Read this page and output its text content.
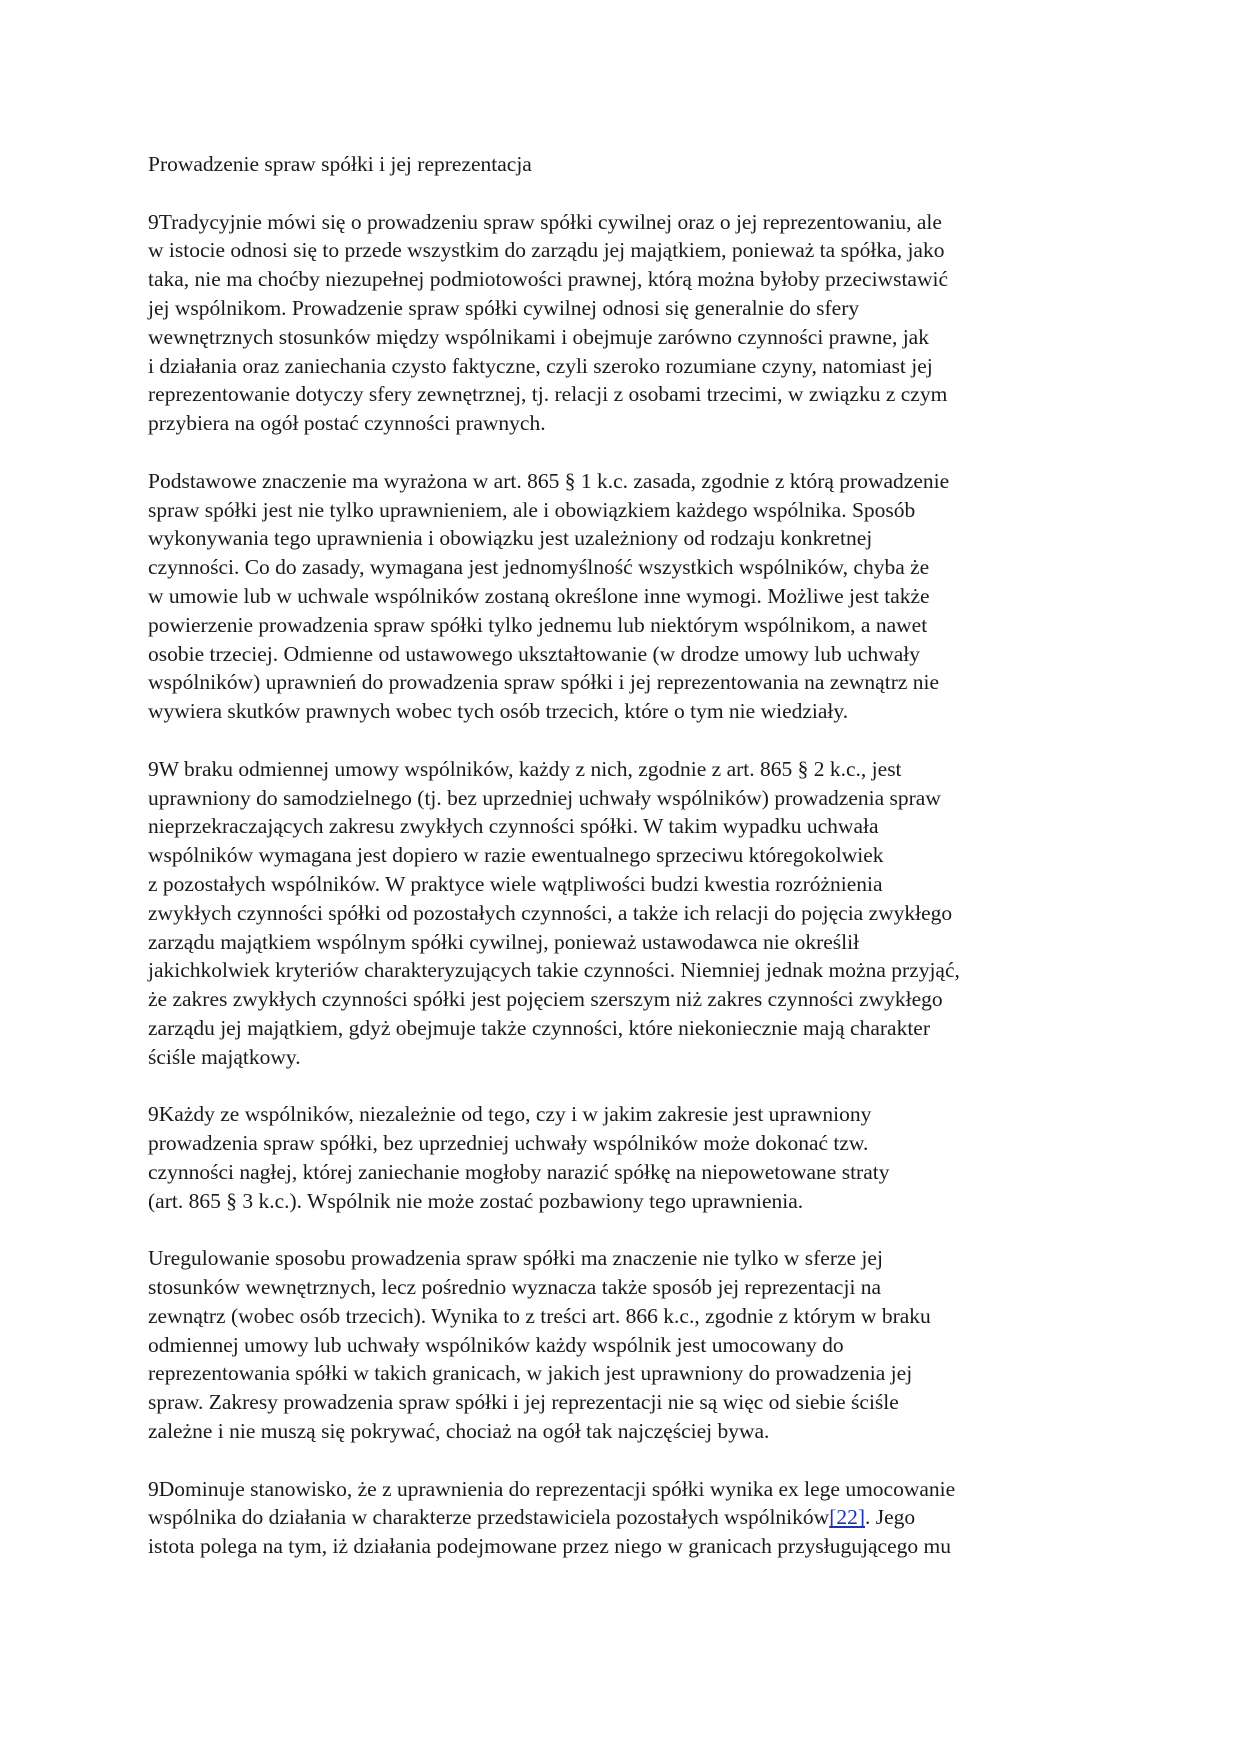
Prowadzenie spraw spółki i jej reprezentacja
9Tradycyjnie mówi się o prowadzeniu spraw spółki cywilnej oraz o jej reprezentowaniu, ale
w istocie odnosi się to przede wszystkim do zarządu jej majątkiem, ponieważ ta spółka, jako
taka, nie ma choćby niezupełnej podmiotowości prawnej, którą można byłoby przeciwstawić
jej wspólnikom. Prowadzenie spraw spółki cywilnej odnosi się generalnie do sfery
wewnętrznych stosunków między wspólnikami i obejmuje zarówno czynności prawne, jak
i działania oraz zaniechania czysto faktyczne, czyli szeroko rozumiane czyny, natomiast jej
reprezentowanie dotyczy sfery zewnętrznej, tj. relacji z osobami trzecimi, w związku z czym
przybiera na ogół postać czynności prawnych.
Podstawowe znaczenie ma wyrażona w art. 865 § 1 k.c. zasada, zgodnie z którą prowadzenie
spraw spółki jest nie tylko uprawnieniem, ale i obowiązkiem każdego wspólnika. Sposób
wykonywania tego uprawnienia i obowiązku jest uzależniony od rodzaju konkretnej
czynności. Co do zasady, wymagana jest jednomyślność wszystkich wspólników, chyba że
w umowie lub w uchwale wspólników zostaną określone inne wymogi. Możliwe jest także
powierzenie prowadzenia spraw spółki tylko jednemu lub niektórym wspólnikom, a nawet
osobie trzeciej. Odmienne od ustawowego ukształtowanie (w drodze umowy lub uchwały
wspólników) uprawnień do prowadzenia spraw spółki i jej reprezentowania na zewnątrz nie
wywiera skutków prawnych wobec tych osób trzecich, które o tym nie wiedziały.
9W braku odmiennej umowy wspólników, każdy z nich, zgodnie z art. 865 § 2 k.c., jest
uprawniony do samodzielnego (tj. bez uprzedniej uchwały wspólników) prowadzenia spraw
nieprzekraczających zakresu zwykłych czynności spółki. W takim wypadku uchwała
wspólników wymagana jest dopiero w razie ewentualnego sprzeciwu któregokolwiek
z pozostałych wspólników. W praktyce wiele wątpliwości budzi kwestia rozróżnienia
zwykłych czynności spółki od pozostałych czynności, a także ich relacji do pojęcia zwykłego
zarządu majątkiem wspólnym spółki cywilnej, ponieważ ustawodawca nie określił
jakichkolwiek kryteriów charakteryzujących takie czynności. Niemniej jednak można przyjąć,
że zakres zwykłych czynności spółki jest pojęciem szerszym niż zakres czynności zwykłego
zarządu jej majątkiem, gdyż obejmuje także czynności, które niekoniecznie mają charakter
ściśle majątkowy.
9Każdy ze wspólników, niezależnie od tego, czy i w jakim zakresie jest uprawniony
prowadzenia spraw spółki, bez uprzedniej uchwały wspólników może dokonać tzw.
czynności nagłej, której zaniechanie mogłoby narazić spółkę na niepowetowane straty
(art. 865 § 3 k.c.). Wspólnik nie może zostać pozbawiony tego uprawnienia.
Uregulowanie sposobu prowadzenia spraw spółki ma znaczenie nie tylko w sferze jej
stosunków wewnętrznych, lecz pośrednio wyznacza także sposób jej reprezentacji na
zewnątrz (wobec osób trzecich). Wynika to z treści art. 866 k.c., zgodnie z którym w braku
odmiennej umowy lub uchwały wspólników każdy wspólnik jest umocowany do
reprezentowania spółki w takich granicach, w jakich jest uprawniony do prowadzenia jej
spraw. Zakresy prowadzenia spraw spółki i jej reprezentacji nie są więc od siebie ściśle
zależne i nie muszą się pokrywać, chociaż na ogół tak najczęściej bywa.
9Dominuje stanowisko, że z uprawnienia do reprezentacji spółki wynika ex lege umocowanie
wspólnika do działania w charakterze przedstawiciela pozostałych wspólników[22]. Jego
istota polega na tym, iż działania podejmowane przez niego w granicach przysługującego mu
